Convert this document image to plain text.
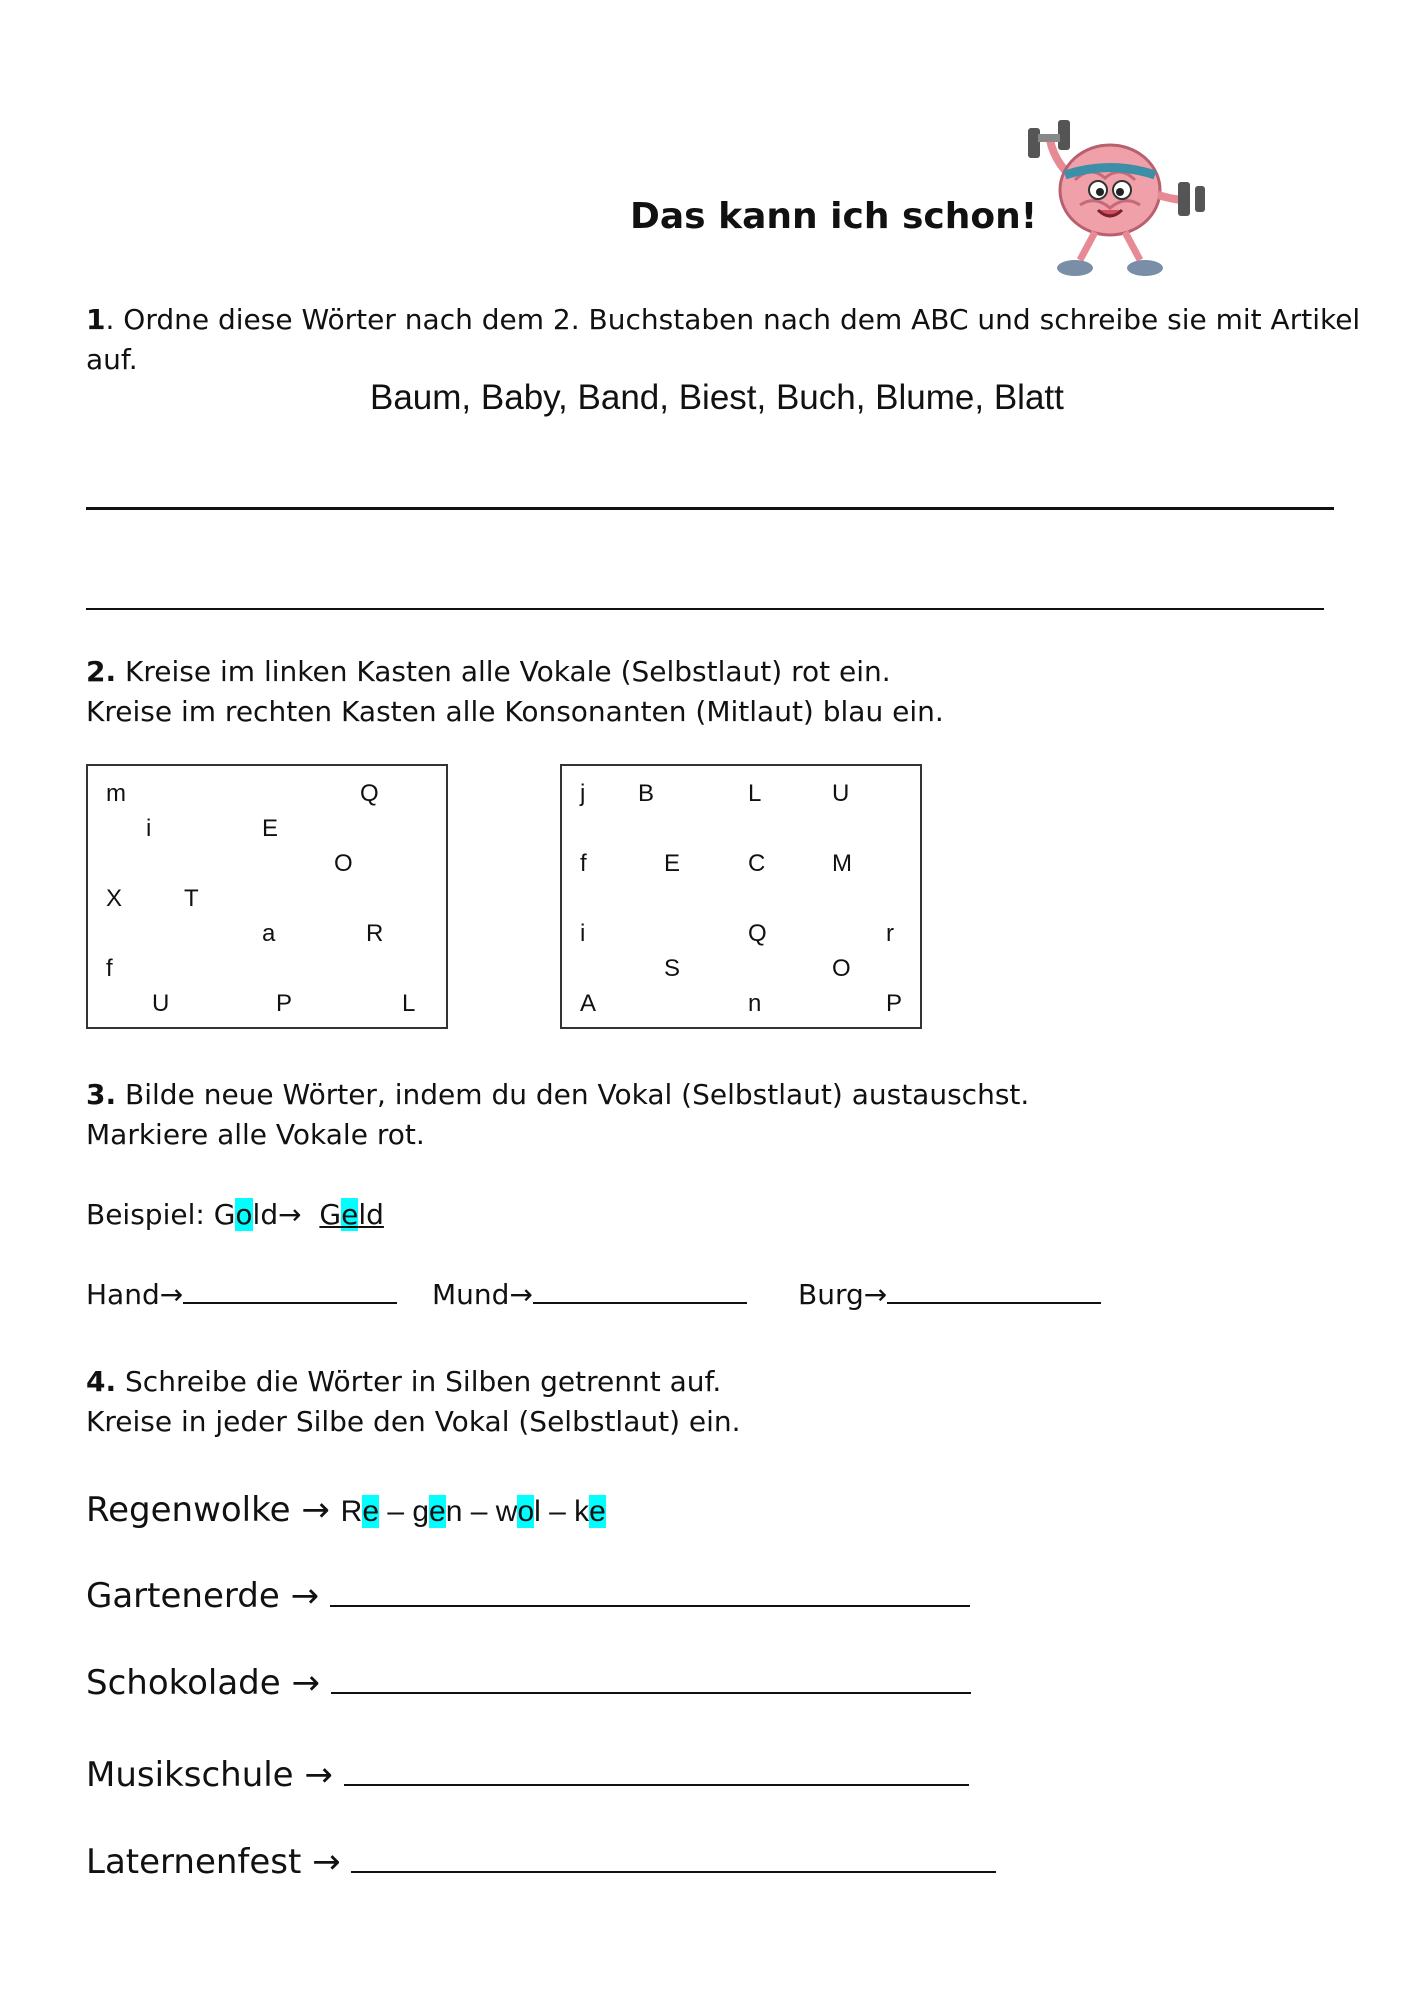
Das kann ich schon!
1. Ordne diese Wörter nach dem 2. Buchstaben nach dem ABC und schreibe sie mit Artikel
auf.
Baum, Baby, Band, Biest, Buch, Blume, Blatt
2. Kreise im linken Kasten alle Vokale (Selbstlaut) rot ein.
Kreise im rechten Kasten alle Konsonanten (Mitlaut) blau ein.
m	Q
i	E
O
X	T
a	R
f
U	P	L
j B	L	U
f	E	C	M
i	Q	r
S	O
A	n	P
3. Bilde neue Wörter, indem du den Vokal (Selbstlaut) austauschst.
Markiere alle Vokale rot.
Beispiel: Gold→ Geld
Hand→	Mund→	Burg→
4. Schreibe die Wörter in Silben getrennt auf.
Kreise in jeder Silbe den Vokal (Selbstlaut) ein.
Regenwolke → Re – gen – wol – ke
Gartenerde →
Schokolade →
Musikschule →
Laternenfest →
